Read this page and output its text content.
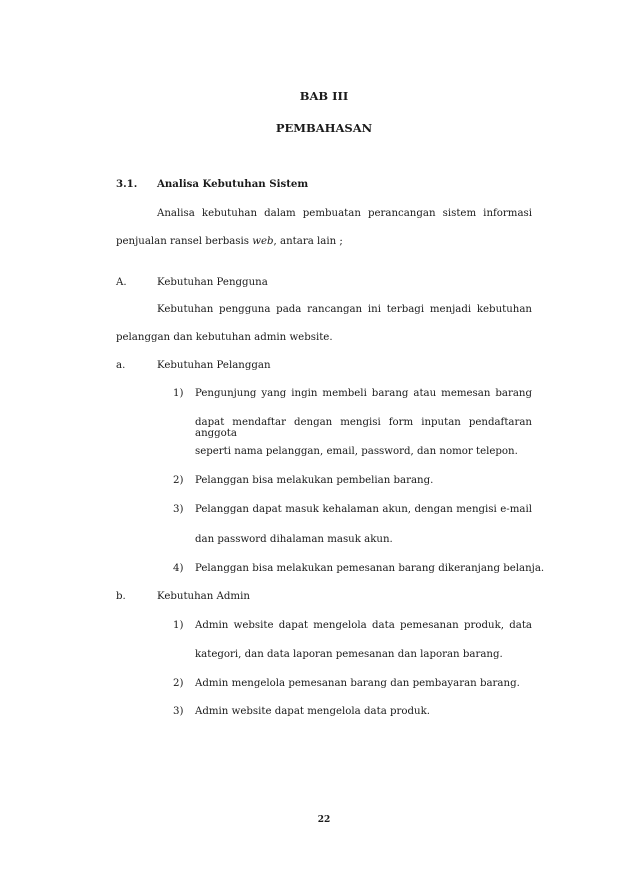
BAB III
PEMBAHASAN
3.1. Analisa Kebutuhan Sistem
Analisa kebutuhan dalam pembuatan perancangan sistem informasi
penjualan ransel berbasis web, antara lain ;
A.	Kebutuhan Pengguna
Kebutuhan pengguna pada rancangan ini terbagi menjadi kebutuhan
pelanggan dan kebutuhan admin website.
a.	Kebutuhan Pelanggan
1) Pengunjung yang ingin membeli barang atau memesan barang
dapat mendaftar dengan mengisi form inputan pendaftaran anggota
seperti nama pelanggan, email, password, dan nomor telepon.
2) Pelanggan bisa melakukan pembelian barang.
3) Pelanggan dapat masuk kehalaman akun, dengan mengisi e-mail
dan password dihalaman masuk akun.
4) Pelanggan bisa melakukan pemesanan barang dikeranjang belanja.
b.	Kebutuhan Admin
1) Admin website dapat mengelola data pemesanan produk, data
kategori, dan data laporan pemesanan dan laporan barang.
2) Admin mengelola pemesanan barang dan pembayaran barang.
3) Admin website dapat mengelola data produk.
22
